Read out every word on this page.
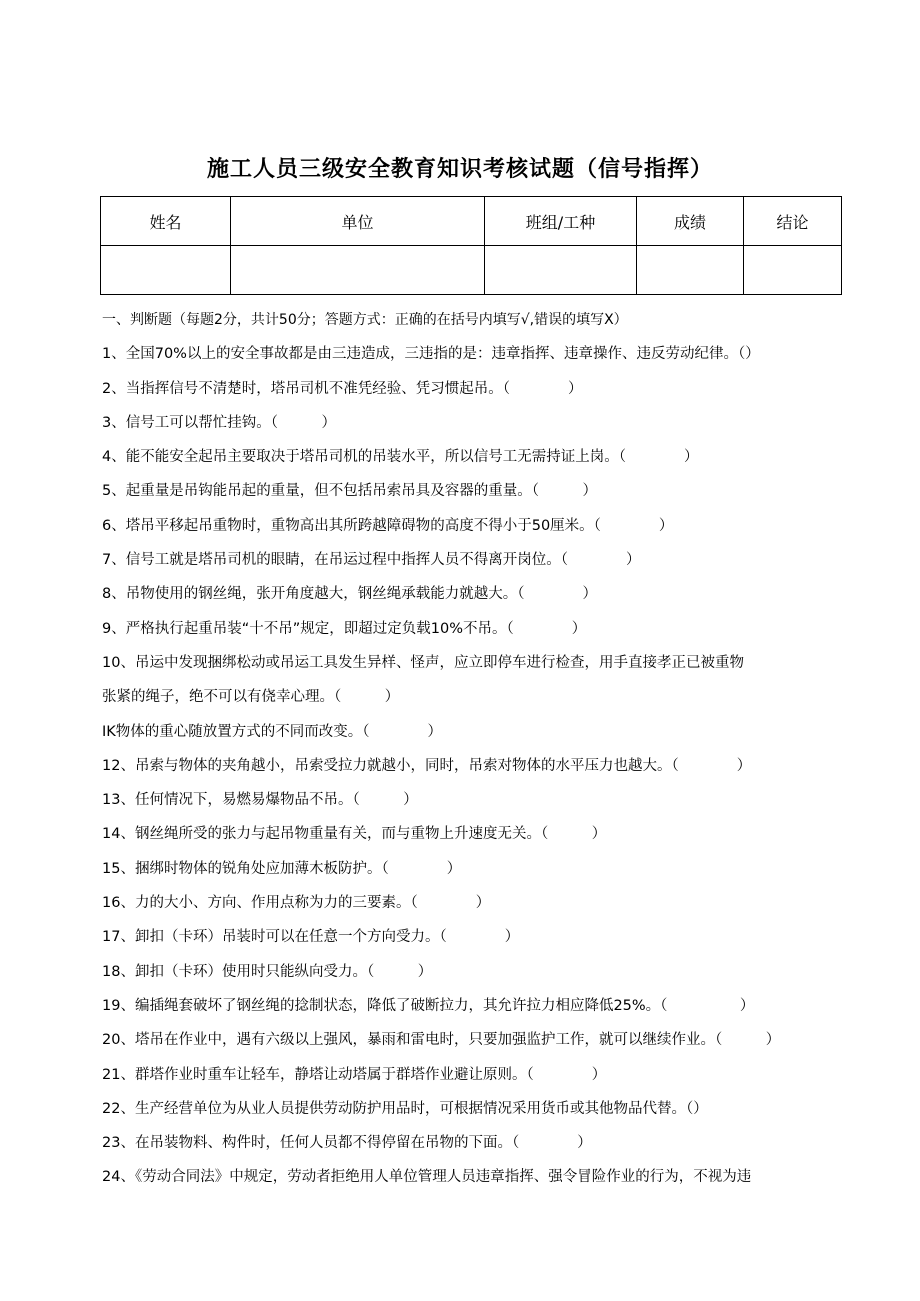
施工人员三级安全教育知识考核试题（信号指挥）
姓名	单位	班组/工种	成绩	结论

一、判断题（每题2分，共计50分；答题方式：正确的在括号内填写√,错误的填写X）
1、全国70%以上的安全事故都是由三违造成，三违指的是：违章指挥、违章操作、违反劳动纪律。（）
2、当指挥信号不清楚时，塔吊司机不准凭经验、凭习惯起吊。（　　　　）
3、信号工可以帮忙挂钩。（　　　）
4、能不能安全起吊主要取决于塔吊司机的吊装水平，所以信号工无需持证上岗。（　　　　）
5、起重量是吊钩能吊起的重量，但不包括吊索吊具及容器的重量。（　　　）
6、塔吊平移起吊重物时，重物高出其所跨越障碍物的高度不得小于50厘米。（　　　　）
7、信号工就是塔吊司机的眼睛，在吊运过程中指挥人员不得离开岗位。（　　　　）
8、吊物使用的钢丝绳，张开角度越大，钢丝绳承载能力就越大。（　　　　）
9、严格执行起重吊装“十不吊”规定，即超过定负载10%不吊。（　　　　）
10、吊运中发现捆绑松动或吊运工具发生异样、怪声，应立即停车进行检查，用手直接孝正已被重物
张紧的绳子，绝不可以有侥幸心理。（　　　）
IK物体的重心随放置方式的不同而改变。（　　　　）
12、吊索与物体的夹角越小，吊索受拉力就越小，同时，吊索对物体的水平压力也越大。（　　　　）
13、任何情况下，易燃易爆物品不吊。（　　　）
14、钢丝绳所受的张力与起吊物重量有关，而与重物上升速度无关。（　　　）
15、捆绑时物体的锐角处应加薄木板防护。（　　　　）
16、力的大小、方向、作用点称为力的三要素。（　　　　）
17、卸扣（卡环）吊装时可以在任意一个方向受力。（　　　　）
18、卸扣（卡环）使用时只能纵向受力。（　　　）
19、编插绳套破坏了钢丝绳的捻制状态，降低了破断拉力，其允许拉力相应降低25%。（　　　　　）
20、塔吊在作业中，遇有六级以上强风，暴雨和雷电时，只要加强监护工作，就可以继续作业。（　　　）
21、群塔作业时重车让轻车，静塔让动塔属于群塔作业避让原则。（　　　　）
22、生产经营单位为从业人员提供劳动防护用品时，可根据情况采用货币或其他物品代替。（）
23、在吊装物料、构件时，任何人员都不得停留在吊物的下面。（　　　　）
24、《劳动合同法》中规定，劳动者拒绝用人单位管理人员违章指挥、强令冒险作业的行为，不视为违
